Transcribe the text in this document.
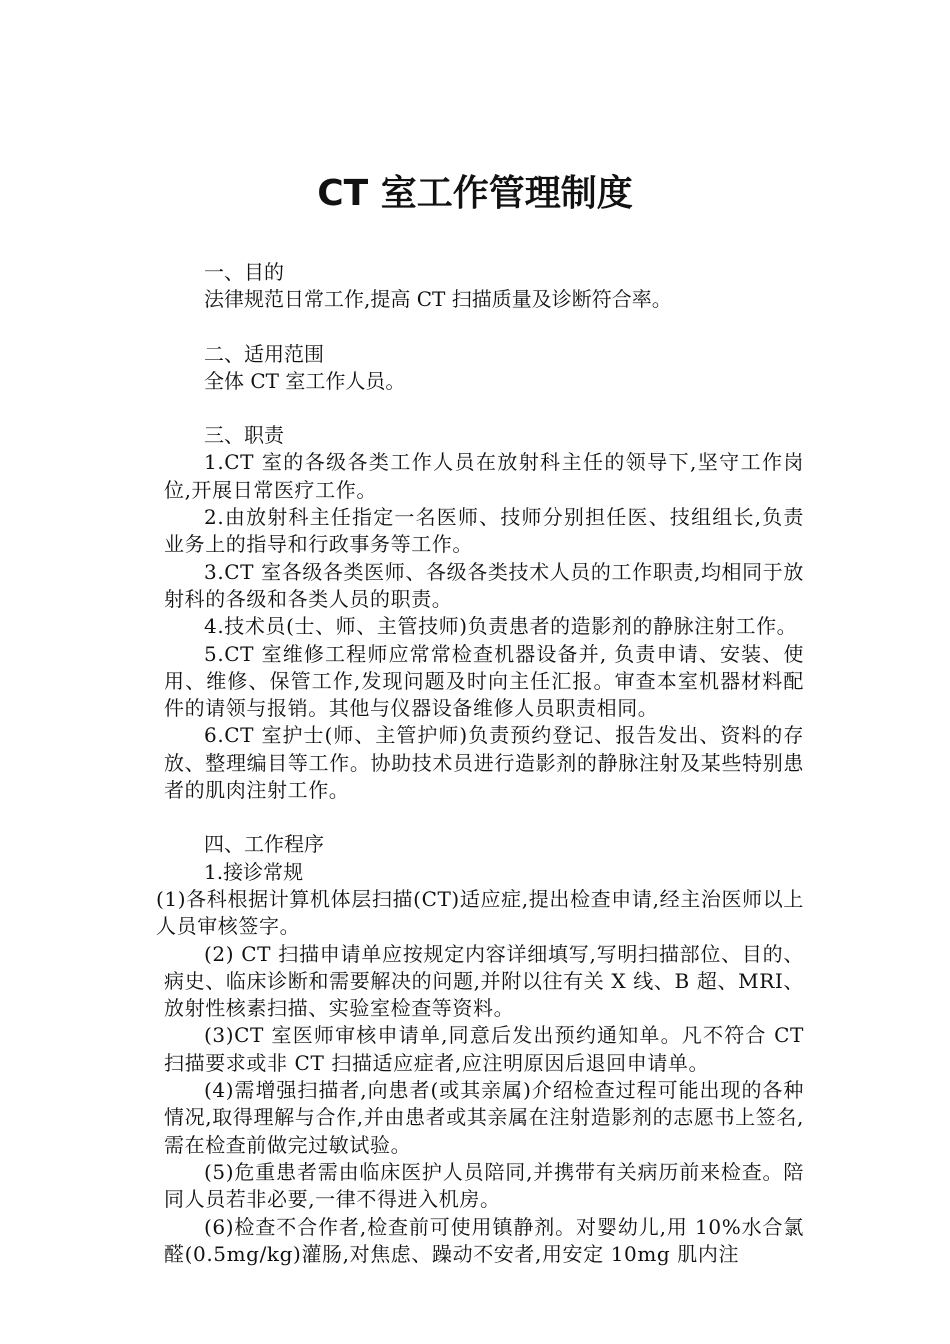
CT 室工作管理制度

一、目的

法律规范日常工作,提高 CT 扫描质量及诊断符合率。

二、适用范围

全体 CT 室工作人员。

三、职责

1.CT 室的各级各类工作人员在放射科主任的领导下,坚守工作岗位,开展日常医疗工作。

2.由放射科主任指定一名医师、技师分别担任医、技组组长,负责业务上的指导和行政事务等工作。

3.CT 室各级各类医师、各级各类技术人员的工作职责,均相同于放射科的各级和各类人员的职责。

4.技术员(士、师、主管技师)负责患者的造影剂的静脉注射工作。

5.CT 室维修工程师应常常检查机器设备并, 负责申请、安装、使用、维修、保管工作,发现问题及时向主任汇报。审查本室机器材料配件的请领与报销。其他与仪器设备维修人员职责相同。

6.CT 室护士(师、主管护师)负责预约登记、报告发出、资料的存放、整理编目等工作。协助技术员进行造影剂的静脉注射及某些特别患者的肌肉注射工作。

四、工作程序

1.接诊常规

(1)各科根据计算机体层扫描(CT)适应症,提出检查申请,经主治医师以上人员审核签字。

(2) CT 扫描申请单应按规定内容详细填写,写明扫描部位、目的、病史、临床诊断和需要解决的问题,并附以往有关 X 线、B 超、MRI、放射性核素扫描、实验室检查等资料。

(3)CT 室医师审核申请单,同意后发出预约通知单。凡不符合 CT 扫描要求或非 CT 扫描适应症者,应注明原因后退回申请单。

(4)需增强扫描者,向患者(或其亲属)介绍检查过程可能出现的各种情况,取得理解与合作,并由患者或其亲属在注射造影剂的志愿书上签名,需在检查前做完过敏试验。

(5)危重患者需由临床医护人员陪同,并携带有关病历前来检查。陪同人员若非必要,一律不得进入机房。

(6)检查不合作者,检查前可使用镇静剂。对婴幼儿,用 10%水合氯醛(0.5mg/kg)灌肠,对焦虑、躁动不安者,用安定 10mg 肌内注
